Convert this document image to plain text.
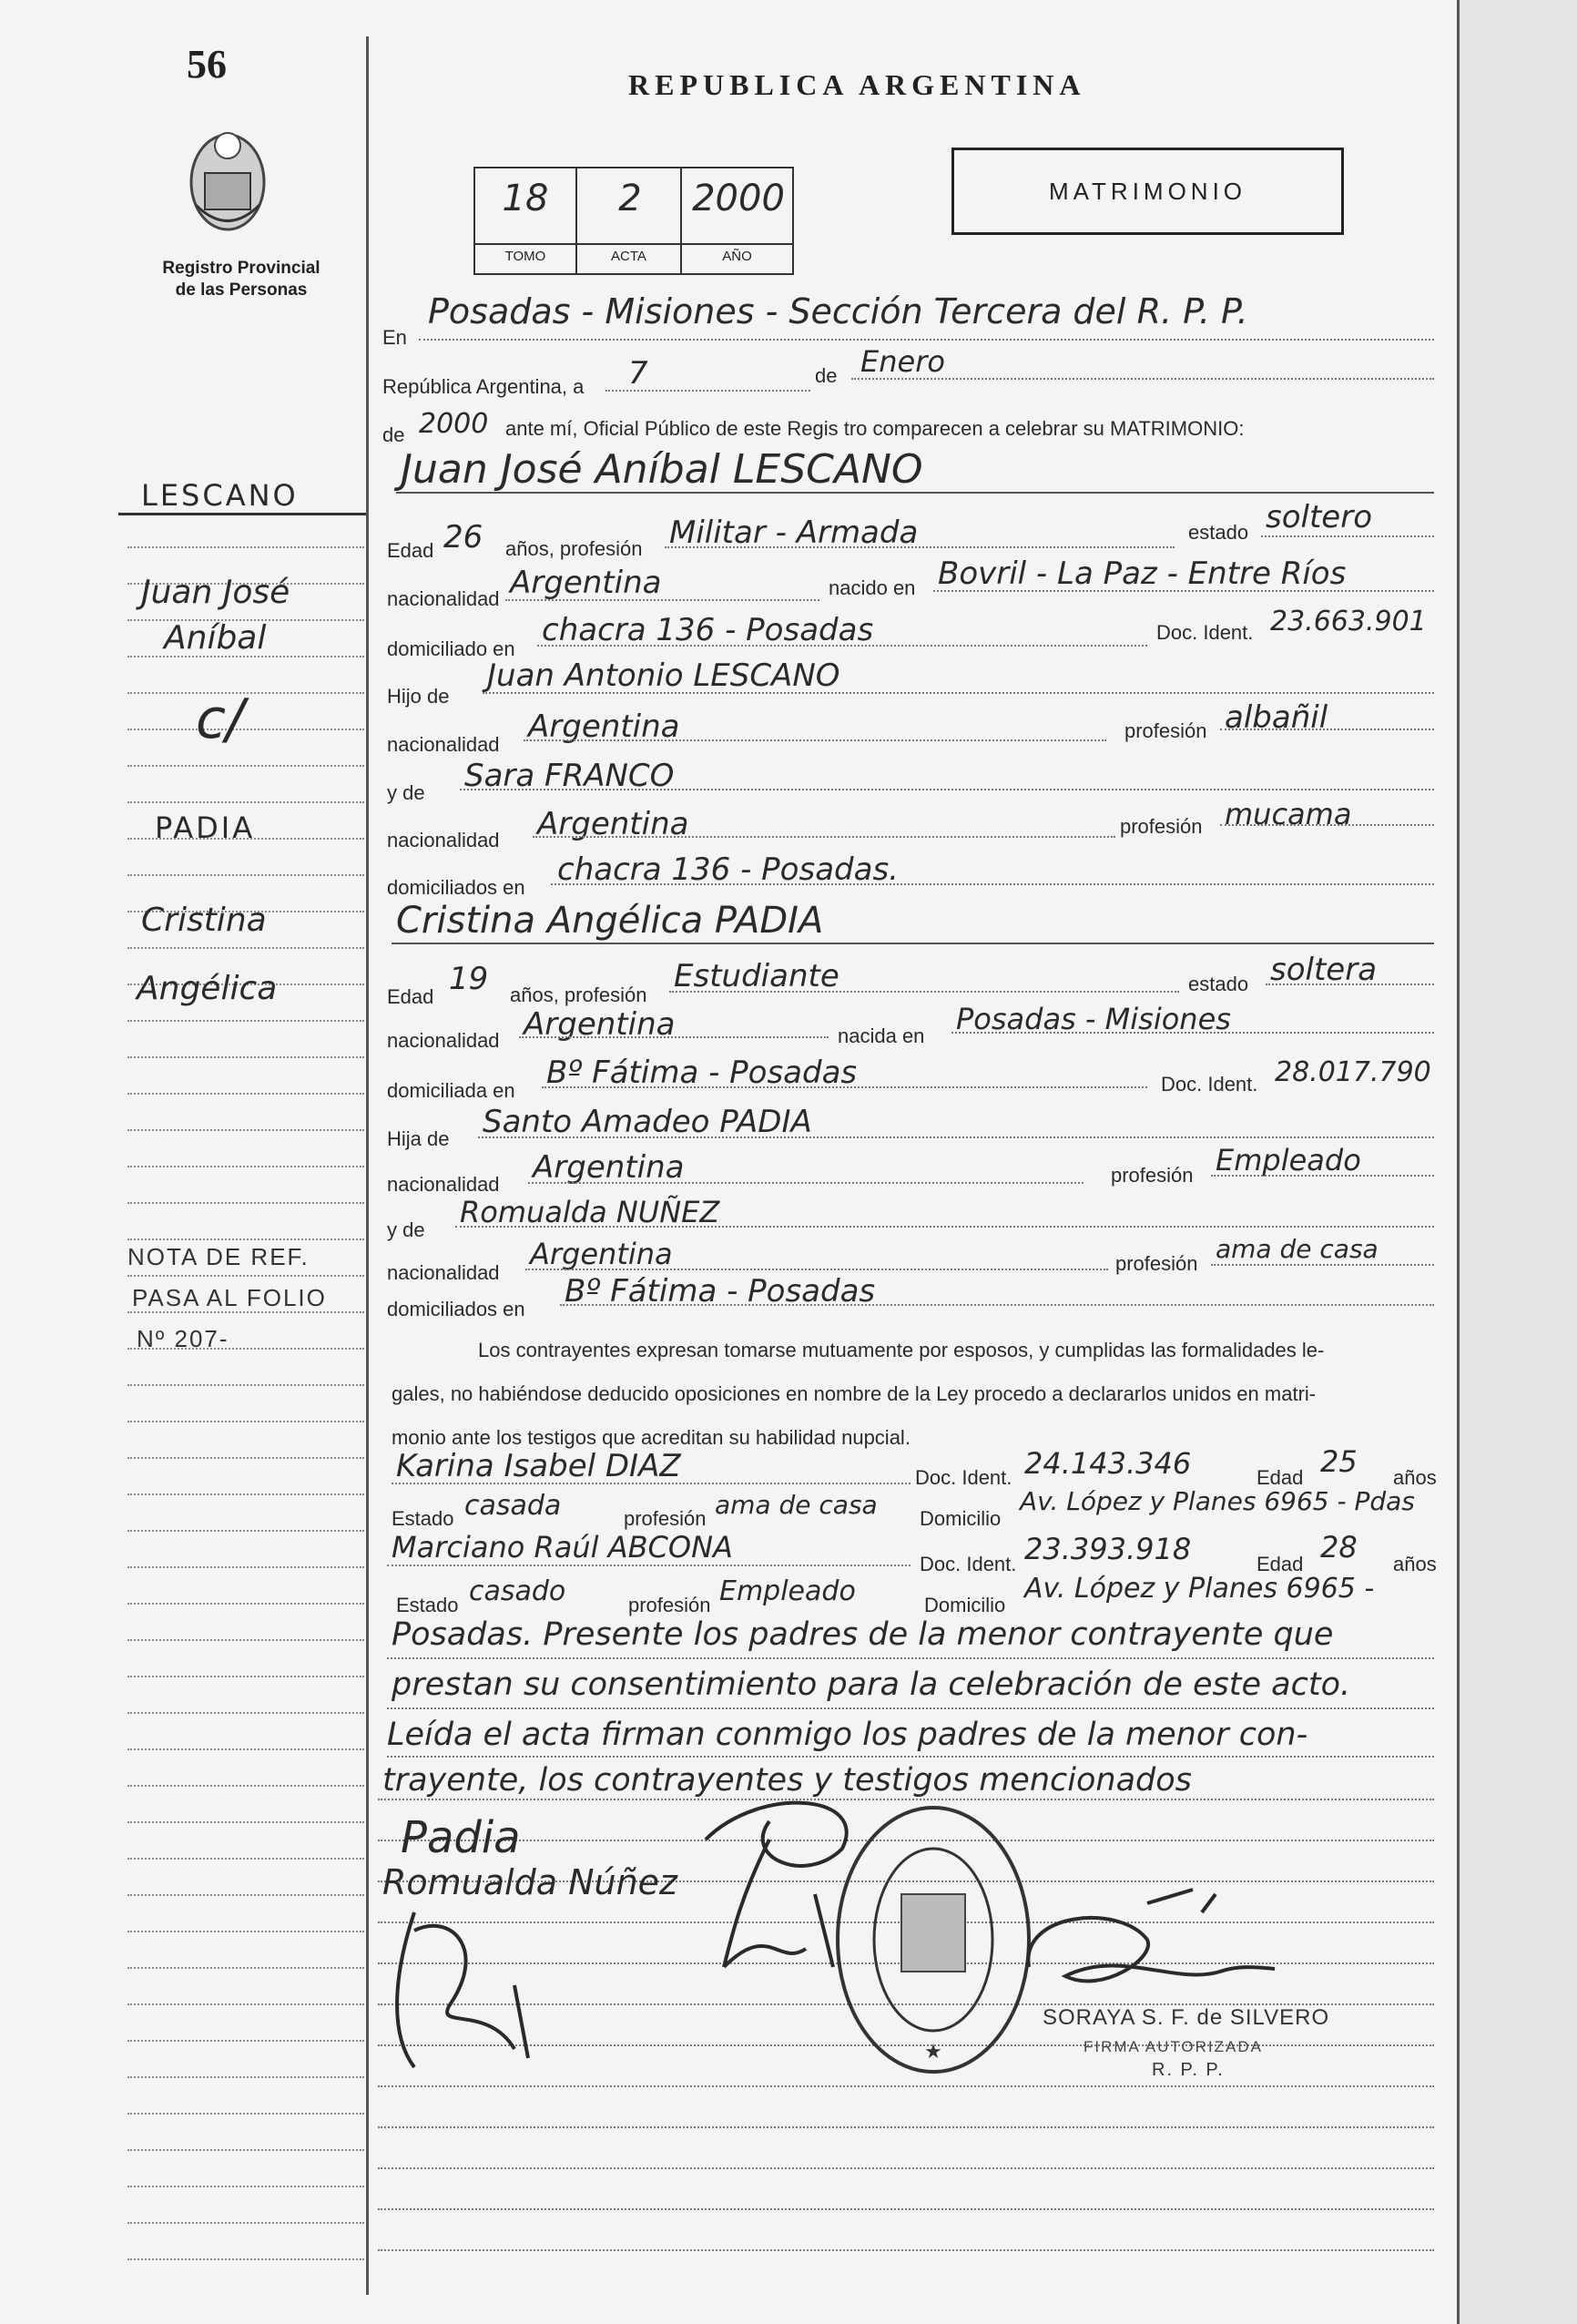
56
Registro Provincial
de las Personas
REPUBLICA ARGENTINA
MATRIMONIO
18	2	2000
TOMO	ACTA	AÑO
LESCANO
Juan José
Aníbal
c/
PADIA
Cristina
Angélica
NOTA DE REF.
PASA AL FOLIO
Nº 207-
En
Posadas - Misiones - Sección Tercera del R. P. P.
República Argentina, a 7	de Enero
de 2000 ante mí, Oficial Público de este Regis tro comparecen a celebrar su MATRIMONIO:
Juan José Aníbal LESCANO
Edad 26 años, profesión Militar - Armada	estado soltero
nacionalidad Argentina	nacido en Bovril - La Paz - Entre Ríos
domiciliado en
chacra 136 - Posadas	Doc. Ident. 23.663.901
Hijo de
Juan Antonio LESCANO
nacionalidad Argentina	profesión albañil
y de Sara FRANCO
nacionalidad Argentina	profesión mucama
domiciliados en chacra 136 - Posadas.
Cristina Angélica PADIA
Edad 19 años, profesión
Estudiante	estado soltera
nacionalidad Argentina	nacida en Posadas - Misiones
domiciliada en Bº Fátima - Posadas	Doc. Ident. 28.017.790
Hija de Santo Amadeo PADIA
nacionalidad Argentina	profesión Empleado
y de
Romualda NUÑEZ
nacionalidad
Argentina	profesión ama de casa
domiciliados en Bº Fátima - Posadas
Los contrayentes expresan tomarse mutuamente por esposos, y cumplidas las formalidades le-
gales, no habiéndose deducido oposiciones en nombre de la Ley procedo a declararlos unidos en matri-
monio ante los testigos que acreditan su habilidad nupcial.
Karina Isabel DIAZ	Doc. Ident. 24.143.346	Edad 25 años
Estado casada	profesión ama de casa Domicilio
Av. López y Planes 6965 - Pdas
Marciano Raúl ABCONA	Doc. Ident. 23.393.918	Edad 28 años
Estado casado	profesión Empleado	Domicilio
Av. López y Planes 6965 -
Posadas. Presente los padres de la menor contrayente que
prestan su consentimiento para la celebración de este acto.
Leída el acta firman conmigo los padres de la menor con-
trayente, los contrayentes y testigos mencionados
Padia
Romualda Núñez
★
SORAYA S. F. de SILVERO
FIRMA AUTORIZADA
R. P. P.
